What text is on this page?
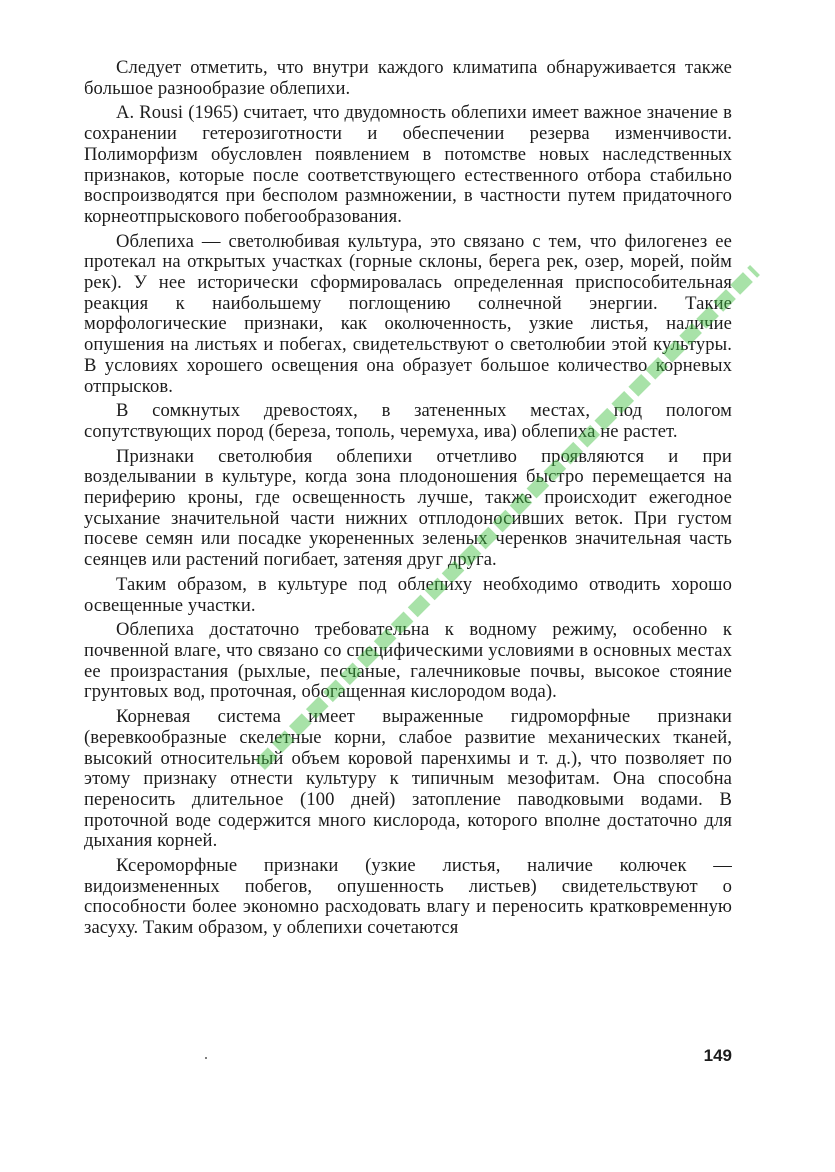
Следует отметить, что внутри каждого климатипа обнаруживается также большое разнообразие облепихи.

A. Rousi (1965) считает, что двудомность облепихи имеет важное значение в сохранении гетерозиготности и обеспечении резерва изменчивости. Полиморфизм обусловлен появлением в потомстве новых наследственных признаков, которые после соответствующего естественного отбора стабильно воспроизводятся при бесполом размножении, в частности путем придаточного корнеотпрыскового побегообразования.

Облепиха — светолюбивая культура, это связано с тем, что филогенез ее протекал на открытых участках (горные склоны, берега рек, озер, морей, пойм рек). У нее исторически сформировалась определенная приспособительная реакция к наибольшему поглощению солнечной энергии. Такие морфологические признаки, как околюченность, узкие листья, наличие опушения на листьях и побегах, свидетельствуют о светолюбии этой культуры. В условиях хорошего освещения она образует большое количество корневых отпрысков.

В сомкнутых древостоях, в затененных местах, под пологом сопутствующих пород (береза, тополь, черемуха, ива) облепиха не растет.

Признаки светолюбия облепихи отчетливо проявляются и при возделывании в культуре, когда зона плодоношения быстро перемещается на периферию кроны, где освещенность лучше, также происходит ежегодное усыхание значительной части нижних отплодоносивших веток. При густом посеве семян или посадке укорененных зеленых черенков значительная часть сеянцев или растений погибает, затеняя друг друга.

Таким образом, в культуре под облепиху необходимо отводить хорошо освещенные участки.

Облепиха достаточно требовательна к водному режиму, особенно к почвенной влаге, что связано со специфическими условиями в основных местах ее произрастания (рыхлые, песчаные, галечниковые почвы, высокое стояние грунтовых вод, проточная, обогащенная кислородом вода).

Корневая система имеет выраженные гидроморфные признаки (веревкообразные скелетные корни, слабое развитие механических тканей, высокий относительный объем коровой паренхимы и т. д.), что позволяет по этому признаку отнести культуру к типичным мезофитам. Она способна переносить длительное (100 дней) затопление паводковыми водами. В проточной воде содержится много кислорода, которого вполне достаточно для дыхания корней.

Ксероморфные признаки (узкие листья, наличие колючек — видоизмененных побегов, опушенность листьев) свидетельствуют о способности более экономно расходовать влагу и переносить кратковременную засуху. Таким образом, у облепихи сочетаются

149
